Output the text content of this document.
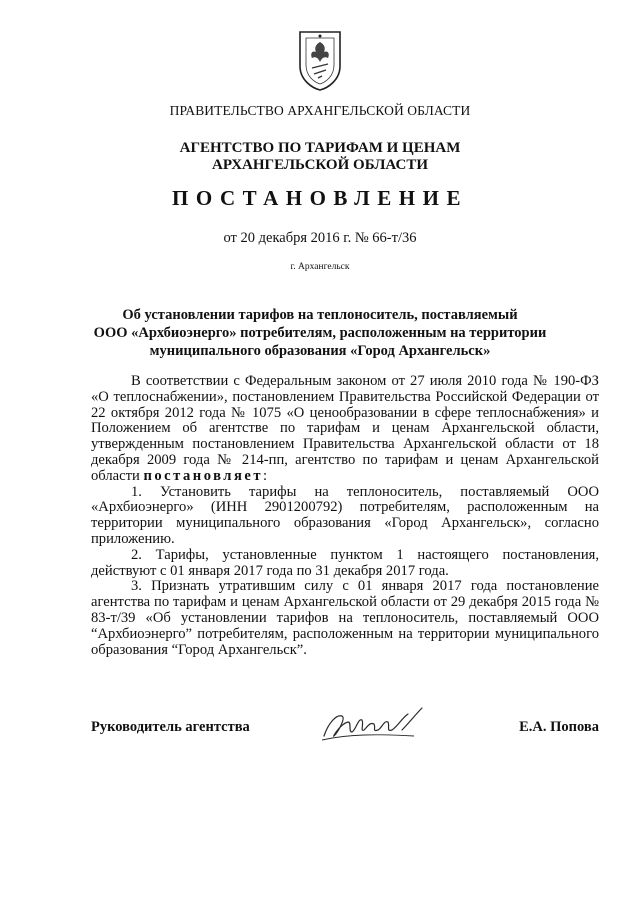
ПРАВИТЕЛЬСТВО АРХАНГЕЛЬСКОЙ ОБЛАСТИ
АГЕНТСТВО ПО ТАРИФАМ И ЦЕНАМ
АРХАНГЕЛЬСКОЙ ОБЛАСТИ
ПОСТАНОВЛЕНИЕ
от 20 декабря 2016 г. № 66-т/36
г. Архангельск
Об установлении тарифов на теплоноситель, поставляемый
ООО «Архбиоэнерго» потребителям, расположенным на территории
муниципального образования «Город Архангельск»

В соответствии с Федеральным законом от 27 июля 2010 года № 190-ФЗ «О теплоснабжении», постановлением Правительства Российской Федерации от 22 октября 2012 года № 1075 «О ценообразовании в сфере теплоснабжения» и Положением об агентстве по тарифам и ценам Архангельской области, утвержденным постановлением Правительства Архангельской области от 18 декабря 2009 года № 214-пп, агентство по тарифам и ценам Архангельской области постановляет:

1. Установить тарифы на теплоноситель, поставляемый ООО «Архбиоэнерго» (ИНН 2901200792) потребителям, расположенным на территории муниципального образования «Город Архангельск», согласно приложению.

2. Тарифы, установленные пунктом 1 настоящего постановления, действуют с 01 января 2017 года по 31 декабря 2017 года.

3. Признать утратившим силу с 01 января 2017 года постановление агентства по тарифам и ценам Архангельской области от 29 декабря 2015 года № 83-т/39 «Об установлении тарифов на теплоноситель, поставляемый ООО “Архбиоэнерго” потребителям, расположенным на территории муниципального образования “Город Архангельск”.

Руководитель агентства	Е.А. Попова
